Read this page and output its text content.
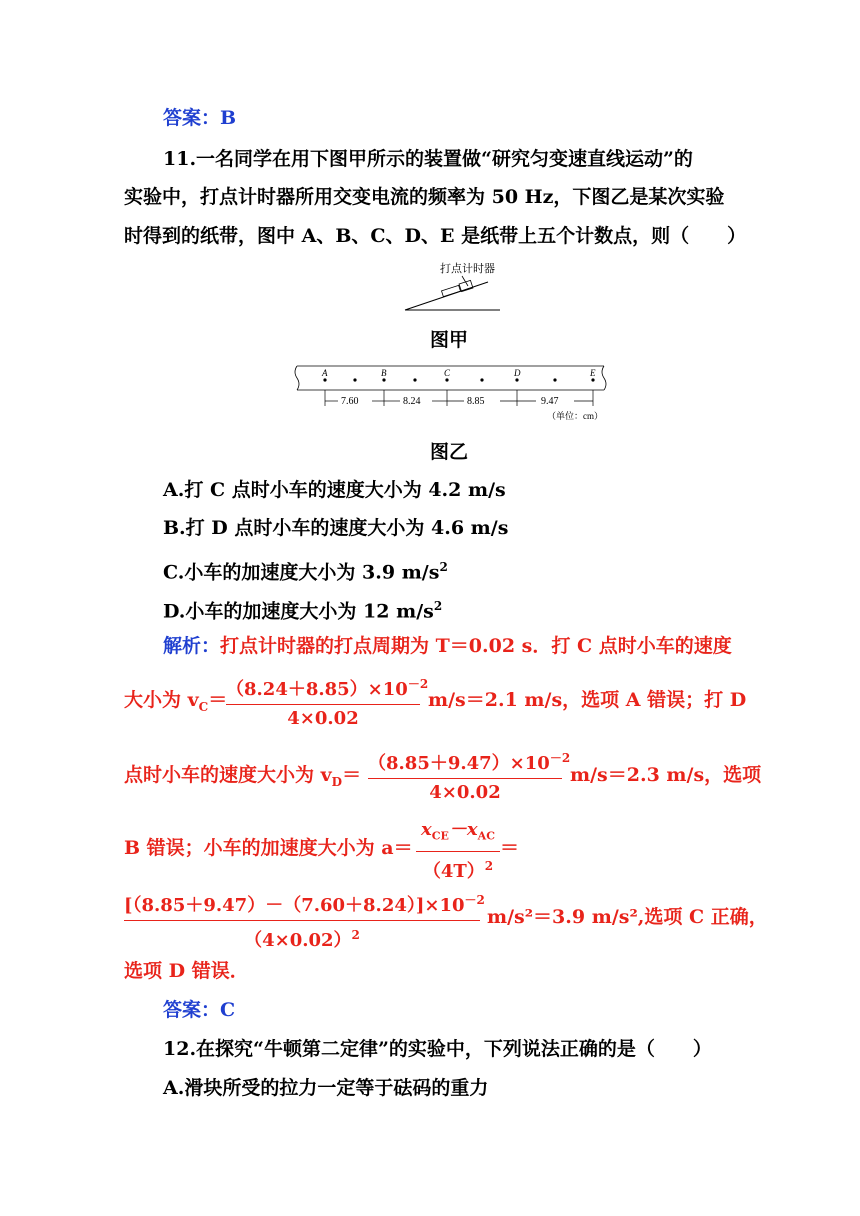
答案：B
11.一名同学在用下图甲所示的装置做“研究匀变速直线运动”的
实验中，打点计时器所用交变电流的频率为 50 Hz，下图乙是某次实验
时得到的纸带，图中 A、B、C、D、E 是纸带上五个计数点，则（　　）
打点计时器
图甲
A	B	C	D	E
7.60	8.24	8.85	9.47
（单位：cm）
图乙
A.打 C 点时小车的速度大小为 4.2 m/s
B.打 D 点时小车的速度大小为 4.6 m/s
C.小车的加速度大小为 3.9 $m/s^2$
D.小车的加速度大小为 12 $m/s^2$
解析：打点计时器的打点周期为 T＝0.02 s．打 C 点时小车的速度
大小为 $v_C=$
$(8.24+8.85)\times 10^{-2}$
4×0.02
m/s＝2.1 m/s，选项 A 错误；打 D
点时小车的速度大小为 $v_D=$
$(8.85+9.47)\times 10^{-2}$
4×0.02
m/s＝2.3 m/s，选项
B 错误；小车的加速度大小为 a＝
$x_{CE}-x_{AC}$
$(4T)^2$
＝
$[(8.85+9.47)-(7.60+8.24)]\times 10^{-2}$
$(4\times 0.02)^2$
m/s²＝3.9 m/s²,选项 C 正确，
选项 D 错误．
答案：C
12.在探究“牛顿第二定律”的实验中，下列说法正确的是（　　）
A.滑块所受的拉力一定等于砝码的重力
